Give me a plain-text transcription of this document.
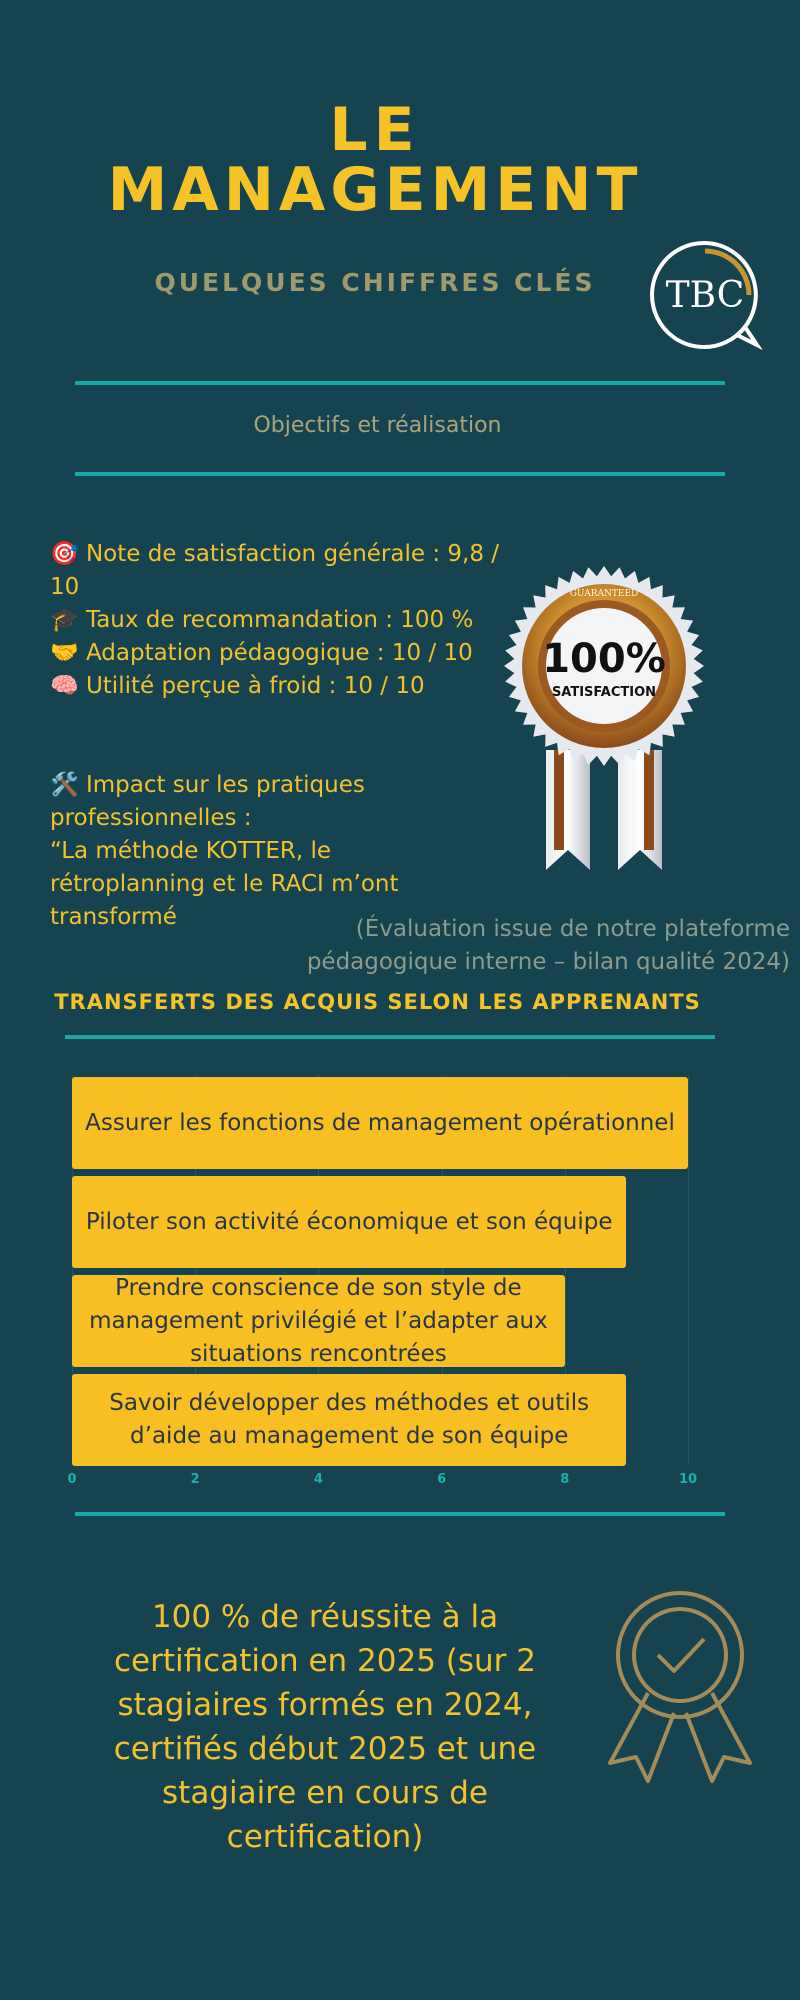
LE
MANAGEMENT
QUELQUES CHIFFRES CLÉS	TBC
Objectifs et réalisation

🎯 Note de satisfaction générale : 9,8 / 10

🎓 Taux de recommandation : 100 %

🤝 Adaptation pédagogique : 10 / 10

🧠 Utilité perçue à froid : 10 / 10

🛠️ Impact sur les pratiques professionnelles :

“La méthode KOTTER, le rétroplanning et le RACI m’ont transformé

100%
SATISFACTION
GUARANTEED
(Évaluation issue de notre plateforme pédagogique interne – bilan qualité 2024)
TRANSFERTS DES ACQUIS SELON LES APPRENANTS
0	2	4	6	8	10
Assurer les fonctions de management opérationnel
Piloter son activité économique et son équipe
Prendre conscience de son style de management privilégié et l’adapter aux situations rencontrées
Savoir développer des méthodes et outils d’aide au management de son équipe
100 % de réussite à la certification en 2025 (sur 2 stagiaires formés en 2024, certifiés début 2025 et une stagiaire en cours de certification)
